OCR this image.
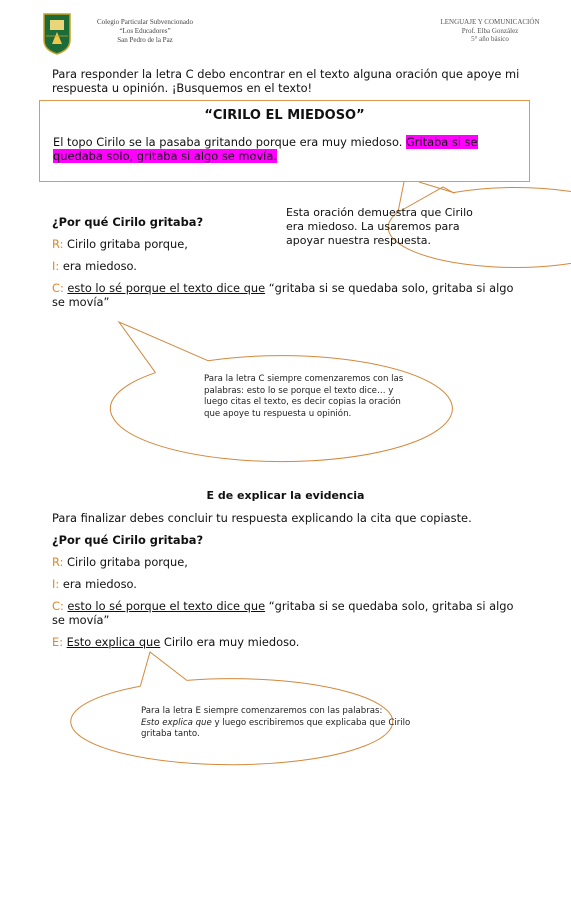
Colegio Particular Subvencionado
“Los Educadores”
San Pedro de la Paz
LENGUAJE Y COMUNICACIÓN
Prof. Elba González
5° año básico
Para responder la letra C debo encontrar en el texto alguna oración que apoye mi respuesta u opinión. ¡Busquemos en el texto!
“CIRILO EL MIEDOSO”
El topo Cirilo se la pasaba gritando porque era muy miedoso. Gritaba si se quedaba solo, gritaba si algo se movía.
Esta oración demuestra que Cirilo era miedoso. La usaremos para apoyar nuestra respuesta.
¿Por qué Cirilo gritaba?
R: Cirilo gritaba porque,
I: era miedoso.
C: esto lo sé porque el texto dice que “gritaba si se quedaba solo, gritaba si algo se movía”
Para la letra C siempre comenzaremos con las palabras: esto lo se porque el texto dice… y luego citas el texto, es decir copias la oración que apoye tu respuesta u opinión.
E de explicar la evidencia
Para finalizar debes concluir tu respuesta explicando la cita que copiaste.
¿Por qué Cirilo gritaba?
R: Cirilo gritaba porque,
I: era miedoso.
C: esto lo sé porque el texto dice que “gritaba si se quedaba solo, gritaba si algo se movía”
E: Esto explica que Cirilo era muy miedoso.
Para la letra E siempre comenzaremos con las palabras:
Esto explica que y luego escribiremos que explicaba que Cirilo gritaba tanto.
